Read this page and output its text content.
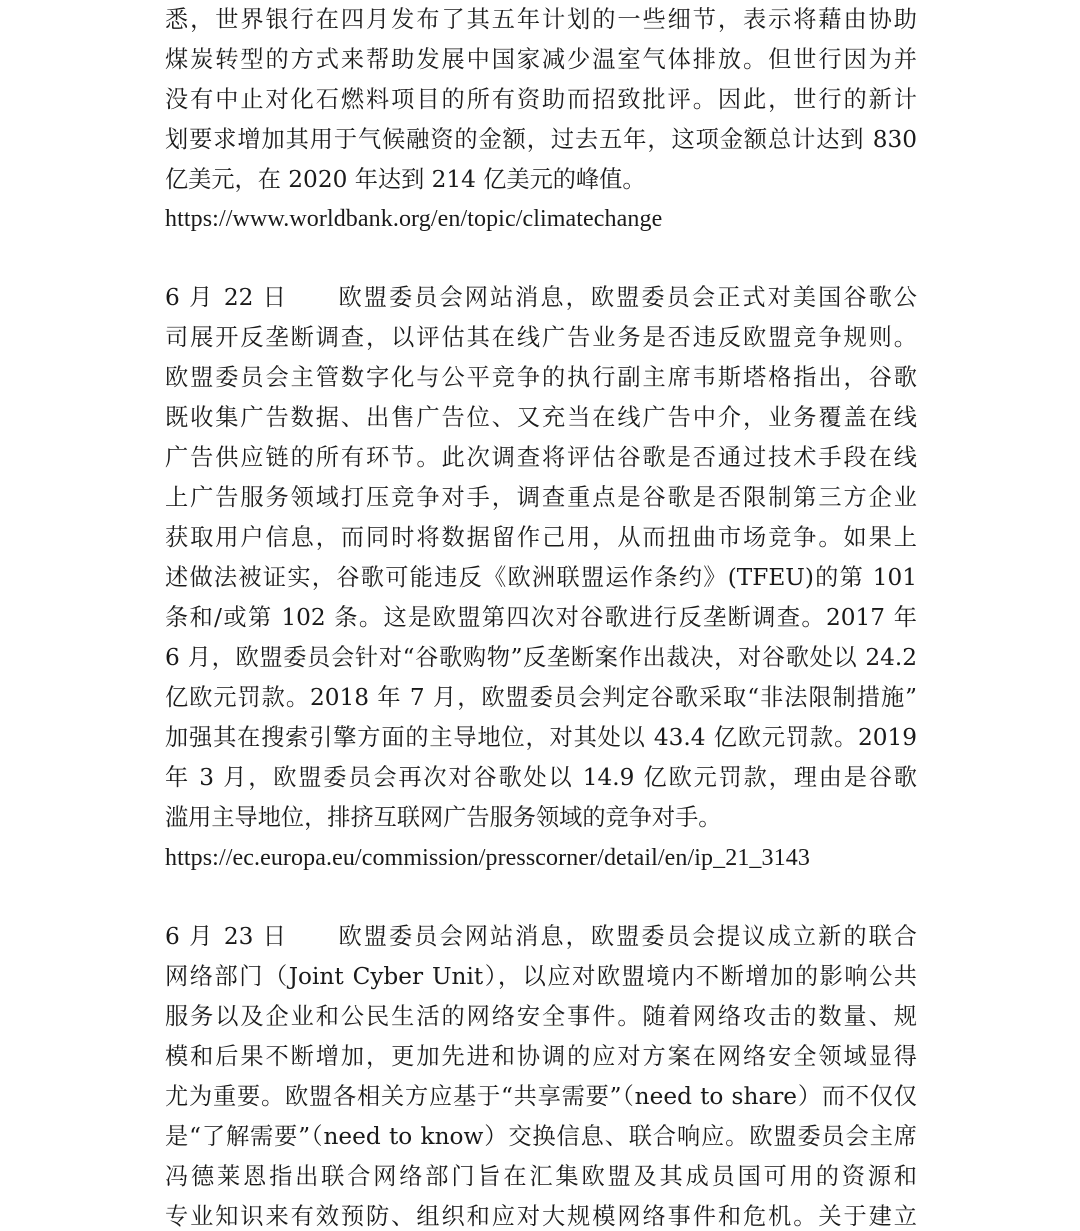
悉，世界银行在四月发布了其五年计划的一些细节，表示将藉由协助
煤炭转型的方式来帮助发展中国家减少温室气体排放。但世行因为并
没有中止对化石燃料项目的所有资助而招致批评。因此，世行的新计
划要求增加其用于气候融资的金额，过去五年，这项金额总计达到 830
亿美元，在 2020 年达到 214 亿美元的峰值。
https://www.worldbank.org/en/topic/climatechange
6 月 22 日　　欧盟委员会网站消息，欧盟委员会正式对美国谷歌公
司展开反垄断调查，以评估其在线广告业务是否违反欧盟竞争规则。
欧盟委员会主管数字化与公平竞争的执行副主席韦斯塔格指出，谷歌
既收集广告数据、出售广告位、又充当在线广告中介，业务覆盖在线
广告供应链的所有环节。此次调查将评估谷歌是否通过技术手段在线
上广告服务领域打压竞争对手，调查重点是谷歌是否限制第三方企业
获取用户信息，而同时将数据留作己用，从而扭曲市场竞争。如果上
述做法被证实，谷歌可能违反《欧洲联盟运作条约》(TFEU)的第 101
条和/或第 102 条。这是欧盟第四次对谷歌进行反垄断调查。2017 年
6 月，欧盟委员会针对“谷歌购物”反垄断案作出裁决，对谷歌处以 24.2
亿欧元罚款。2018 年 7 月，欧盟委员会判定谷歌采取“非法限制措施”
加强其在搜索引擎方面的主导地位，对其处以 43.4 亿欧元罚款。2019
年 3 月，欧盟委员会再次对谷歌处以 14.9 亿欧元罚款，理由是谷歌
滥用主导地位，排挤互联网广告服务领域的竞争对手。
https://ec.europa.eu/commission/presscorner/detail/en/ip_21_3143
6 月 23 日　　欧盟委员会网站消息，欧盟委员会提议成立新的联合
网络部门（Joint Cyber Unit），以应对欧盟境内不断增加的影响公共
服务以及企业和公民生活的网络安全事件。随着网络攻击的数量、规
模和后果不断增加，更加先进和协调的应对方案在网络安全领域显得
尤为重要。欧盟各相关方应基于“共享需要”（need to share）而不仅仅
是“了解需要”（need to know）交换信息、联合响应。欧盟委员会主席
冯德莱恩指出联合网络部门旨在汇集欧盟及其成员国可用的资源和
专业知识来有效预防、组织和应对大规模网络事件和危机。关于建立
